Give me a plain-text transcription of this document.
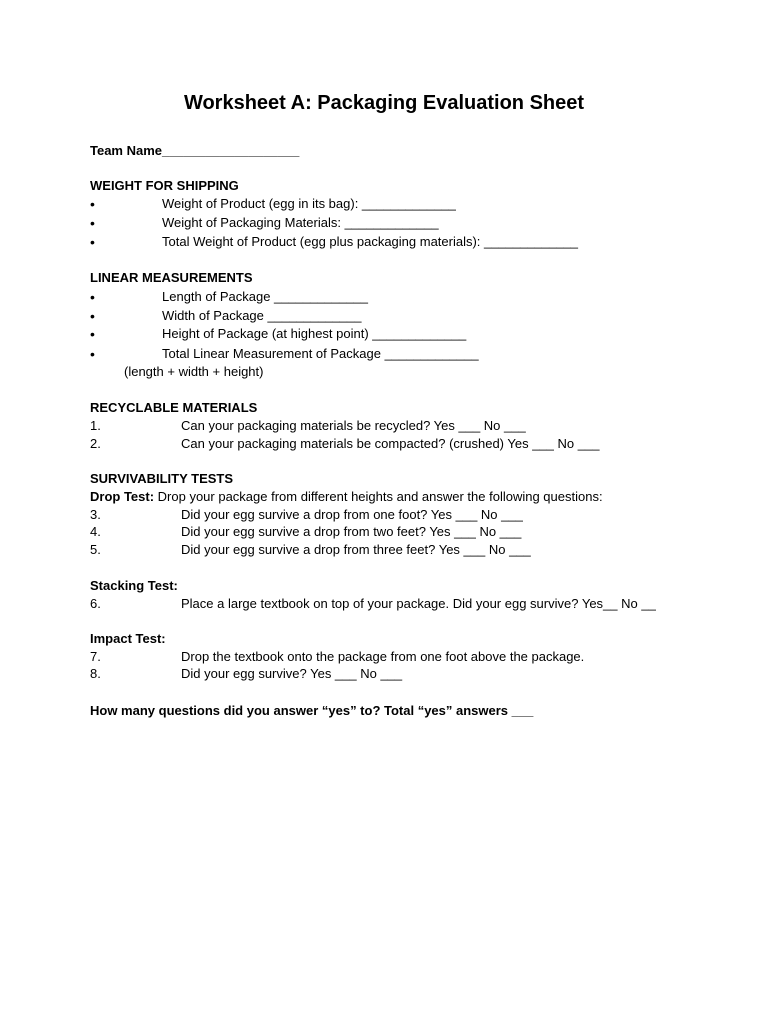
Worksheet A: Packaging Evaluation Sheet
Team Name___________________
WEIGHT FOR SHIPPING
•	Weight of Product (egg in its bag): _____________
•	Weight of Packaging Materials: _____________
•	Total Weight of Product (egg plus packaging materials): _____________
LINEAR MEASUREMENTS
•	Length of Package _____________
•	Width of Package _____________
•	Height of Package (at highest point) _____________
•	Total Linear Measurement of Package _____________
(length + width + height)
RECYCLABLE MATERIALS
1.	Can your packaging materials be recycled? Yes ___ No ___
2.	Can your packaging materials be compacted? (crushed) Yes ___ No ___
SURVIVABILITY TESTS
Drop Test: Drop your package from different heights and answer the following questions:
3.	Did your egg survive a drop from one foot? Yes ___ No ___
4.	Did your egg survive a drop from two feet? Yes ___ No ___
5.	Did your egg survive a drop from three feet? Yes ___ No ___
Stacking Test:
6.	Place a large textbook on top of your package. Did your egg survive? Yes__ No __
Impact Test:
7.	Drop the textbook onto the package from one foot above the package.
8.	Did your egg survive? Yes ___ No ___
How many questions did you answer “yes” to? Total “yes” answers ___
